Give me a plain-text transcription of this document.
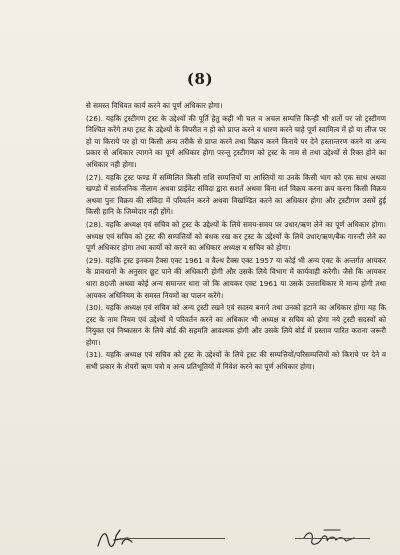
(8)

से समस्त विधिवत कार्य करने का पूर्ण अधिकार होगा।

(26). यहकि ट्रस्टीगण ट्रस्ट के उद्देश्यों की पूर्ति हेतु कही भी चल व अचल सम्पत्ति किन्ही भी शर्तो पर जो ट्रस्टीगण निश्चित करेंगे तथा ट्रस्ट के उद्देश्यों के विपरीत न हो को प्राप्त करने व धारण करने चाहे पूर्ण स्वामित्व में हो या लीज पर हो या किराये पर हो या किसी अन्य तरीके से प्राप्त करने तथा विक्रय करने किराये पर देने हस्तान्तरण करने या अन्य प्रकार से अधिकार त्यागने का पूर्ण अधिकार होगा परन्तु ट्रस्टीगण को ट्रस्ट के नाम से तथा उद्देश्यों से रिक्त होने का अधिकार नही होगा।

(27). यहकि ट्रस्ट फण्ड में सम्मिलित किसी राशि सम्पत्तियों या आस्तियों या उनके किसी भाग को एक साथ अथवा खण्डो में सार्वजनिक नीलाम अथवा प्राईवेट संविदा द्वारा सशर्त अथवा बिना शर्त विक्रय करना क्रय करना किसी विक्रय अथवा पुनः विक्रय की संविदा में परिवर्तन करने अथवा विखण्डित करने का अधिकार होगा और ट्रस्टीगण उसमें हुई किसी हानि के जिम्मेदार नही होंगे।

(28). यहकि अध्यक्ष एवं सचिव को ट्रस्ट के उद्देश्यों के लिये समय-समय पर उधार/ऋण लेने का पूर्ण अधिकार होगा। अध्यक्ष एवं सचिव को ट्रस्ट की सम्पत्तियों को बंधक रख कर ट्रस्ट के उद्देश्यों के लिये उधार/ऋण/बैंक गारन्टी लेने का पूर्ण अधिकार होगा तथा कार्यो को करने का अधिकार अध्यक्ष व सचिव को होगा।

(29). यहकि ट्रस्ट इनकम टैक्स एक्ट 1961 व वैल्थ टैक्स एक्ट 1957 या कोई भी अन्य एक्ट के अन्तर्गत आयकर के प्रावधानों के अनुसार छूट पाने की अधिकारी होगी और उसके लिये विभाग में कार्यवाही करेगी। जैसे कि आयकर धारा 80जी अथवा कोई अन्य समान्तर धारा जो कि आयकर एक्ट 1961 या उसके उत्तराधिकार मे मान्य होगी तथा आयकर अधिनियम के समस्त नियमों का पालन करेंगे।

(30). यहकि अध्यक्ष एवं सचिव को अन्य ट्रस्टी रखने एवं सदस्य बनाने तथा उनको हटाने का अधिकार होगा यह कि ट्रस्ट के नाम नियम एवं उद्देश्यों मे परिवर्तन करने का अधिकार भी अध्यक्ष व सचिव को होगा नये ट्रस्टी सदस्यों को नियुक्त एवं निष्कासन के लिये बोर्ड की सहमति आवश्यक होगी और उसके लिये बोर्ड में प्रस्ताव पारित कराना जरूरी होगा।

(31). यहकि अध्यक्ष एवं सचिव को ट्रस्ट के उद्देश्यों के लिये ट्रस्ट की सम्पत्तियों/परिसम्पत्तियों को किराये पर देने व सभी प्रकार के शेयरों ऋण पत्रो व अन्य प्रतिभूतियों में निवेश करने का पूर्ण अधिकार होगा।
